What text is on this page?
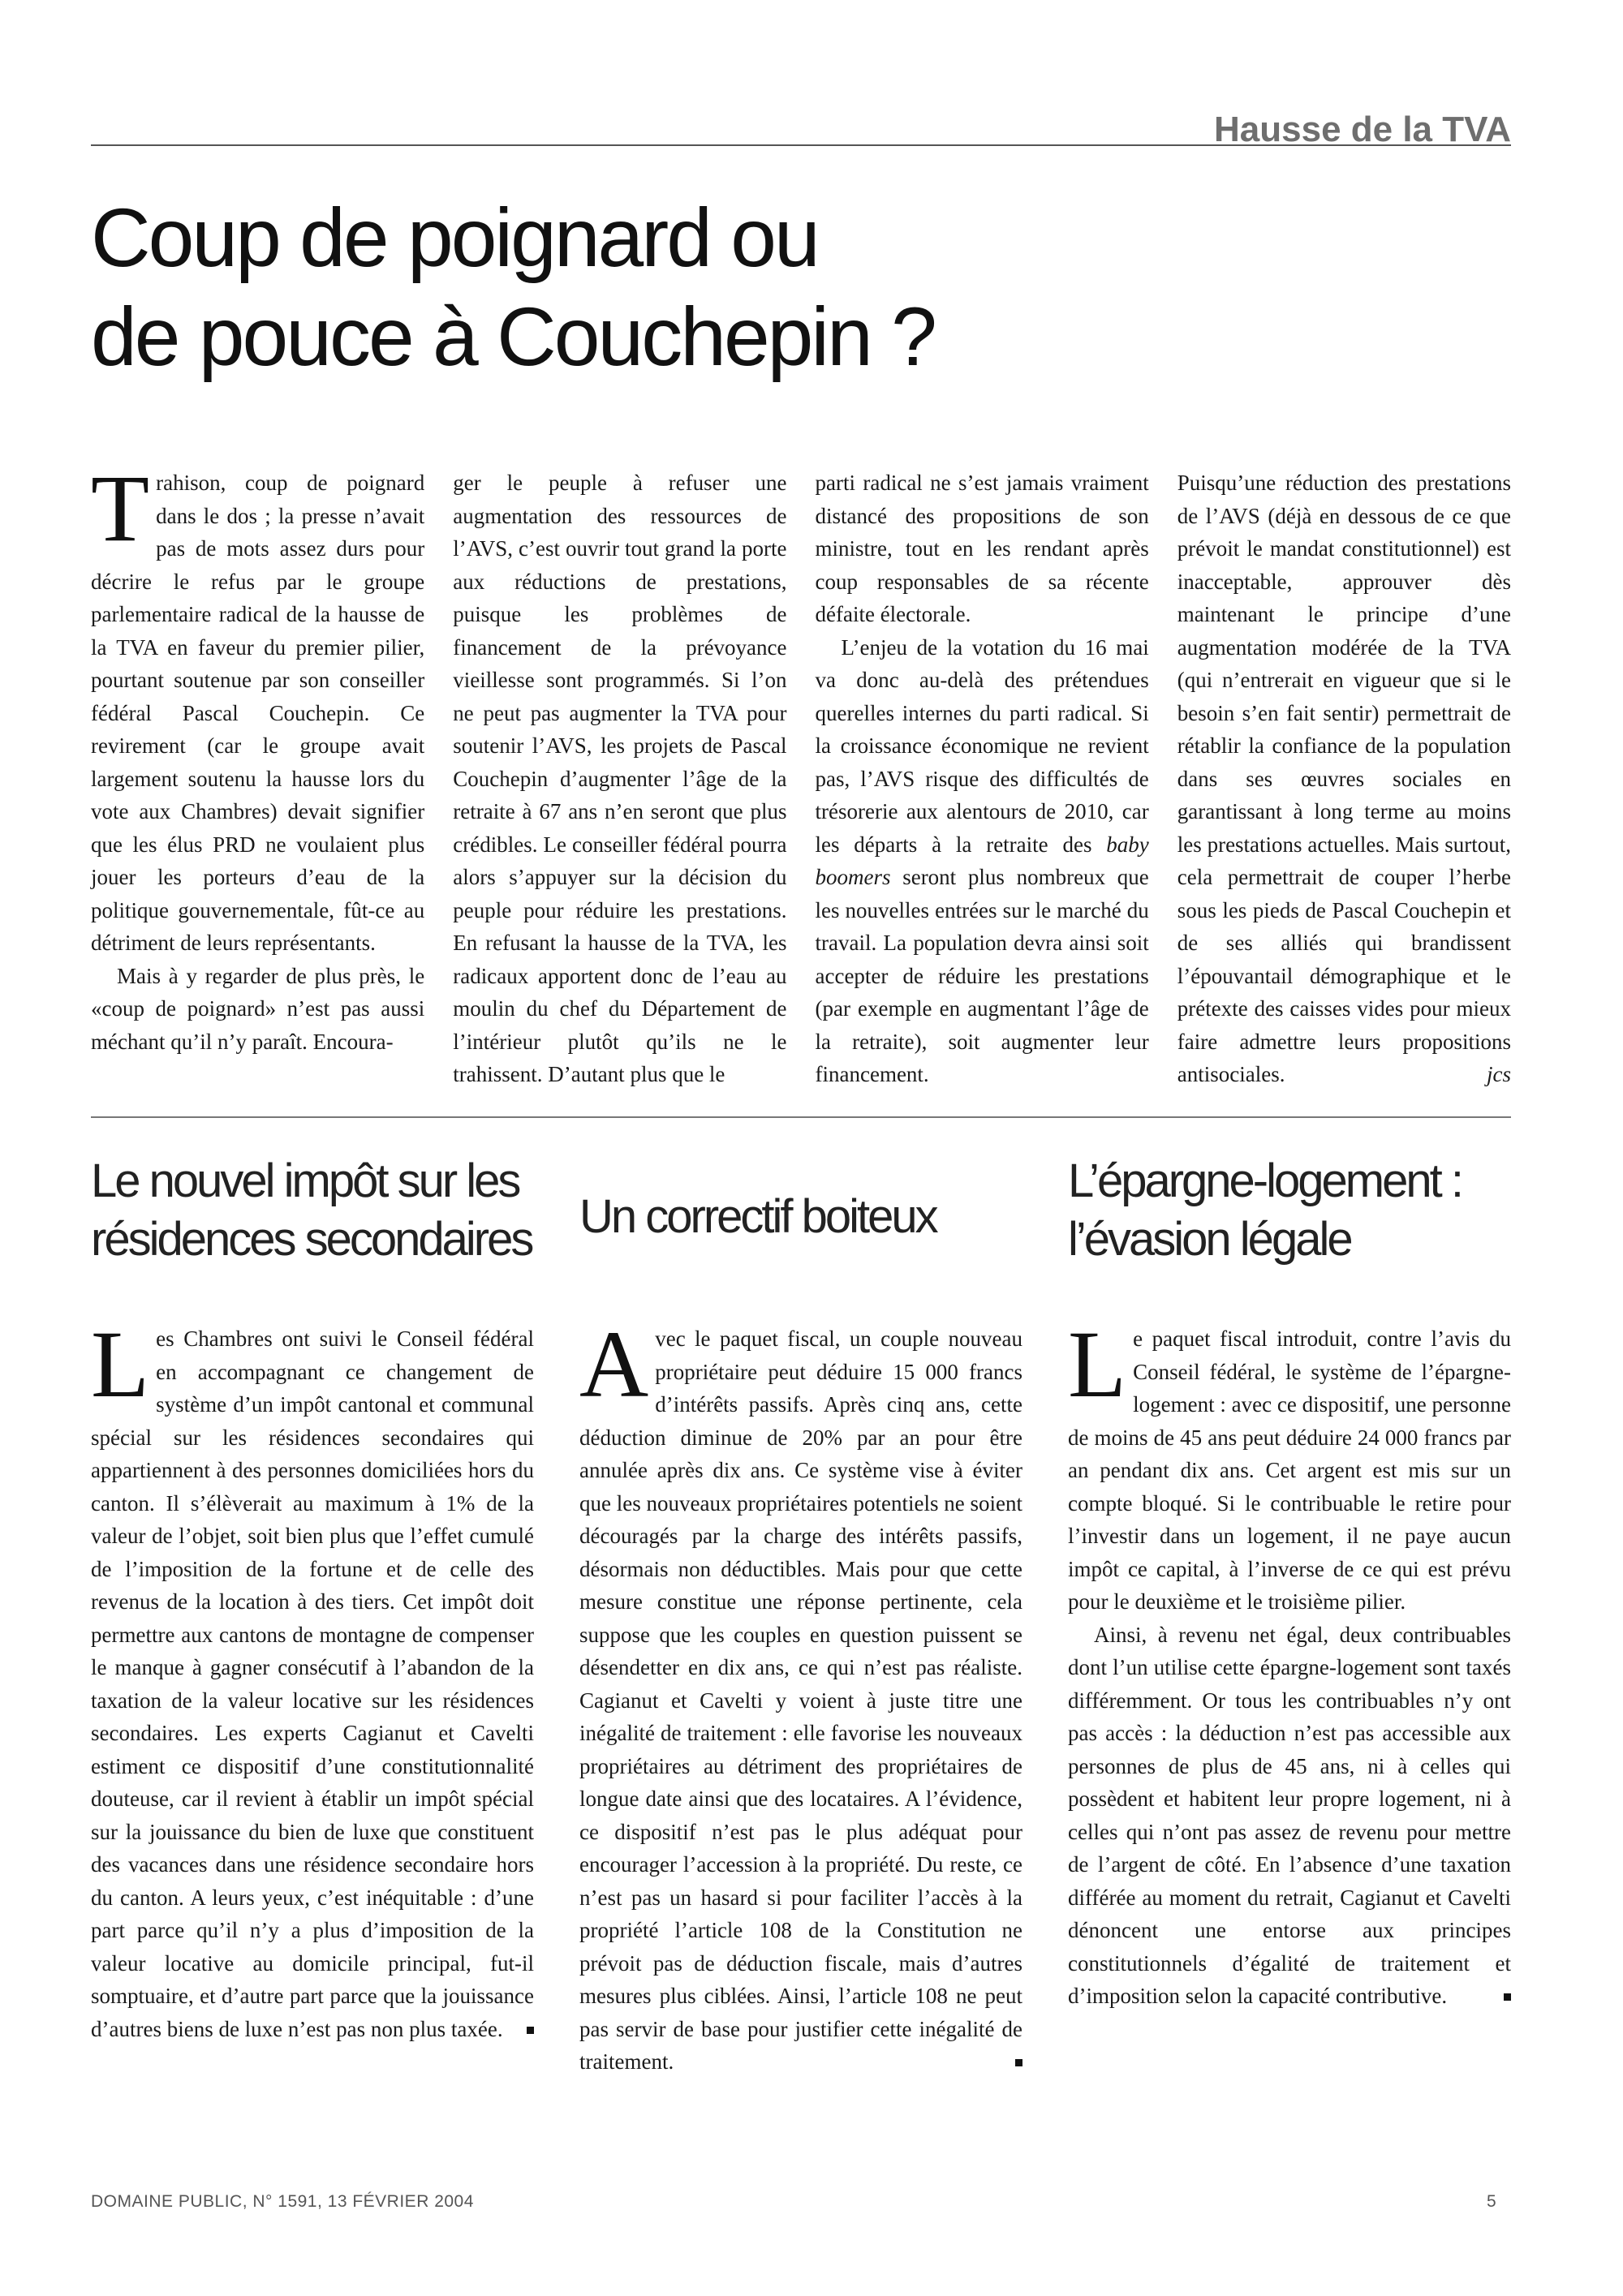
Hausse de la TVA
Coup de poignard ou
de pouce à Couchepin ?

Trahison, coup de poignard dans le dos ; la presse n’avait pas de mots assez durs pour décrire le refus par le groupe parlementaire radical de la hausse de la TVA en faveur du premier pilier, pourtant soutenue par son conseiller fédéral Pascal Couchepin. Ce revirement (car le groupe avait largement soutenu la hausse lors du vote aux Chambres) devait signifier que les élus PRD ne voulaient plus jouer les porteurs d’eau de la politique gouvernementale, fût-ce au détriment de leurs représentants.

Mais à y regarder de plus près, le «coup de poignard» n’est pas aussi méchant qu’il n’y paraît. Encoura-

ger le peuple à refuser une augmentation des ressources de l’AVS, c’est ouvrir tout grand la porte aux réductions de prestations, puisque les problèmes de financement de la prévoyance vieillesse sont programmés. Si l’on ne peut pas augmenter la TVA pour soutenir l’AVS, les projets de Pascal Couchepin d’augmenter l’âge de la retraite à 67 ans n’en seront que plus crédibles. Le conseiller fédéral pourra alors s’appuyer sur la décision du peuple pour réduire les prestations. En refusant la hausse de la TVA, les radicaux apportent donc de l’eau au moulin du chef du Département de l’intérieur plutôt qu’ils ne le trahissent. D’autant plus que le

parti radical ne s’est jamais vraiment distancé des propositions de son ministre, tout en les rendant après coup responsables de sa récente défaite électorale.

L’enjeu de la votation du 16 mai va donc au-delà des prétendues querelles internes du parti radical. Si la croissance économique ne revient pas, l’AVS risque des difficultés de trésorerie aux alentours de 2010, car les départs à la retraite des baby boomers seront plus nombreux que les nouvelles entrées sur le marché du travail. La population devra ainsi soit accepter de réduire les prestations (par exemple en augmentant l’âge de la retraite), soit augmenter leur financement.

Puisqu’une réduction des prestations de l’AVS (déjà en dessous de ce que prévoit le mandat constitutionnel) est inacceptable, approuver dès maintenant le principe d’une augmentation modérée de la TVA (qui n’entrerait en vigueur que si le besoin s’en fait sentir) permettrait de rétablir la confiance de la population dans ses œuvres sociales en garantissant à long terme au moins les prestations actuelles. Mais surtout, cela permettrait de couper l’herbe sous les pieds de Pascal Couchepin et de ses alliés qui brandissent l’épouvantail démographique et le prétexte des caisses vides pour mieux faire admettre leurs propositions antisociales.	jcs

Le nouvel impôt sur les
résidences secondaires Un correctif boiteux
L’épargne-logement :
l’évasion légale

Les Chambres ont suivi le Conseil fédéral en accompagnant ce changement de système d’un impôt cantonal et communal spécial sur les résidences secondaires qui appartiennent à des personnes domiciliées hors du canton. Il s’élèverait au maximum à 1% de la valeur de l’objet, soit bien plus que l’effet cumulé de l’imposition de la fortune et de celle des revenus de la location à des tiers. Cet impôt doit permettre aux cantons de montagne de compenser le manque à gagner consécutif à l’abandon de la taxation de la valeur locative sur les résidences secondaires. Les experts Cagianut et Cavelti estiment ce dispositif d’une constitutionnalité douteuse, car il revient à établir un impôt spécial sur la jouissance du bien de luxe que constituent des vacances dans une résidence secondaire hors du canton. A leurs yeux, c’est inéquitable : d’une part parce qu’il n’y a plus d’imposition de la valeur locative au domicile principal, fut-il somptuaire, et d’autre part parce que la jouissance d’autres biens de luxe n’est pas non plus taxée.

Avec le paquet fiscal, un couple nouveau propriétaire peut déduire 15 000 francs d’intérêts passifs. Après cinq ans, cette déduction diminue de 20% par an pour être annulée après dix ans. Ce système vise à éviter que les nouveaux propriétaires potentiels ne soient découragés par la charge des intérêts passifs, désormais non déductibles. Mais pour que cette mesure constitue une réponse pertinente, cela suppose que les couples en question puissent se désendetter en dix ans, ce qui n’est pas réaliste. Cagianut et Cavelti y voient à juste titre une inégalité de traitement : elle favorise les nouveaux propriétaires au détriment des propriétaires de longue date ainsi que des locataires. A l’évidence, ce dispositif n’est pas le plus adéquat pour encourager l’accession à la propriété. Du reste, ce n’est pas un hasard si pour faciliter l’accès à la propriété l’article 108 de la Constitution ne prévoit pas de déduction fiscale, mais d’autres mesures plus ciblées. Ainsi, l’article 108 ne peut pas servir de base pour justifier cette inégalité de traitement.

Le paquet fiscal introduit, contre l’avis du Conseil fédéral, le système de l’épargne-logement : avec ce dispositif, une personne de moins de 45 ans peut déduire 24 000 francs par an pendant dix ans. Cet argent est mis sur un compte bloqué. Si le contribuable le retire pour l’investir dans un logement, il ne paye aucun impôt ce capital, à l’inverse de ce qui est prévu pour le deuxième et le troisième pilier.

Ainsi, à revenu net égal, deux contribuables dont l’un utilise cette épargne-logement sont taxés différemment. Or tous les contribuables n’y ont pas accès : la déduction n’est pas accessible aux personnes de plus de 45 ans, ni à celles qui possèdent et habitent leur propre logement, ni à celles qui n’ont pas assez de revenu pour mettre de l’argent de côté. En l’absence d’une taxation différée au moment du retrait, Cagianut et Cavelti dénoncent une entorse aux principes constitutionnels d’égalité de traitement et d’imposition selon la capacité contributive.

DOMAINE PUBLIC, N° 1591, 13 FÉVRIER 2004	5
